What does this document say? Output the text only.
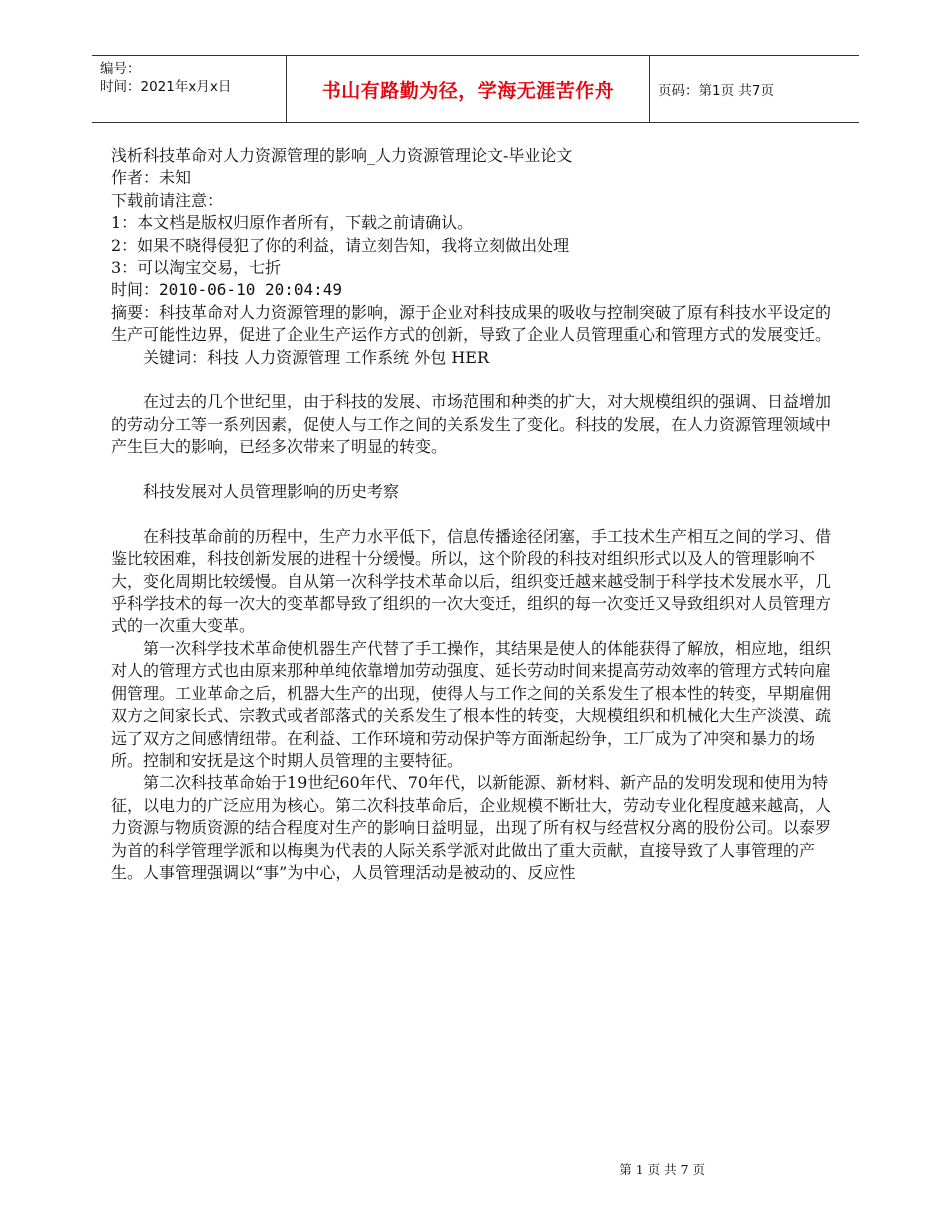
编号：
时间：2021年x月x日	书山有路勤为径，学海无涯苦作舟	页码：第1页 共7页

浅析科技革命对人力资源管理的影响_人力资源管理论文-毕业论文

作者：未知

下载前请注意：

1：本文档是版权归原作者所有，下载之前请确认。

2：如果不晓得侵犯了你的利益，请立刻告知，我将立刻做出处理

3：可以淘宝交易，七折

时间：2010-06-10 20:04:49

摘要：科技革命对人力资源管理的影响，源于企业对科技成果的吸收与控制突破了原有科技水平设定的生产可能性边界，促进了企业生产运作方式的创新，导致了企业人员管理重心和管理方式的发展变迁。

关键词：科技 人力资源管理 工作系统 外包 HER

在过去的几个世纪里，由于科技的发展、市场范围和种类的扩大，对大规模组织的强调、日益增加的劳动分工等一系列因素，促使人与工作之间的关系发生了变化。科技的发展，在人力资源管理领域中产生巨大的影响，已经多次带来了明显的转变。

科技发展对人员管理影响的历史考察

在科技革命前的历程中，生产力水平低下，信息传播途径闭塞，手工技术生产相互之间的学习、借鉴比较困难，科技创新发展的进程十分缓慢。所以，这个阶段的科技对组织形式以及人的管理影响不大，变化周期比较缓慢。自从第一次科学技术革命以后，组织变迁越来越受制于科学技术发展水平，几乎科学技术的每一次大的变革都导致了组织的一次大变迁，组织的每一次变迁又导致组织对人员管理方式的一次重大变革。

第一次科学技术革命使机器生产代替了手工操作，其结果是使人的体能获得了解放，相应地，组织对人的管理方式也由原来那种单纯依靠增加劳动强度、延长劳动时间来提高劳动效率的管理方式转向雇佣管理。工业革命之后，机器大生产的出现，使得人与工作之间的关系发生了根本性的转变，早期雇佣双方之间家长式、宗教式或者部落式的关系发生了根本性的转变，大规模组织和机械化大生产淡漠、疏远了双方之间感情纽带。在利益、工作环境和劳动保护等方面渐起纷争，工厂成为了冲突和暴力的场所。控制和安抚是这个时期人员管理的主要特征。

第二次科技革命始于19世纪60年代、70年代，以新能源、新材料、新产品的发明发现和使用为特征，以电力的广泛应用为核心。第二次科技革命后，企业规模不断壮大，劳动专业化程度越来越高，人力资源与物质资源的结合程度对生产的影响日益明显，出现了所有权与经营权分离的股份公司。以泰罗为首的科学管理学派和以梅奥为代表的人际关系学派对此做出了重大贡献，直接导致了人事管理的产生。人事管理强调以“事”为中心，人员管理活动是被动的、反应性

第 1 页 共 7 页
